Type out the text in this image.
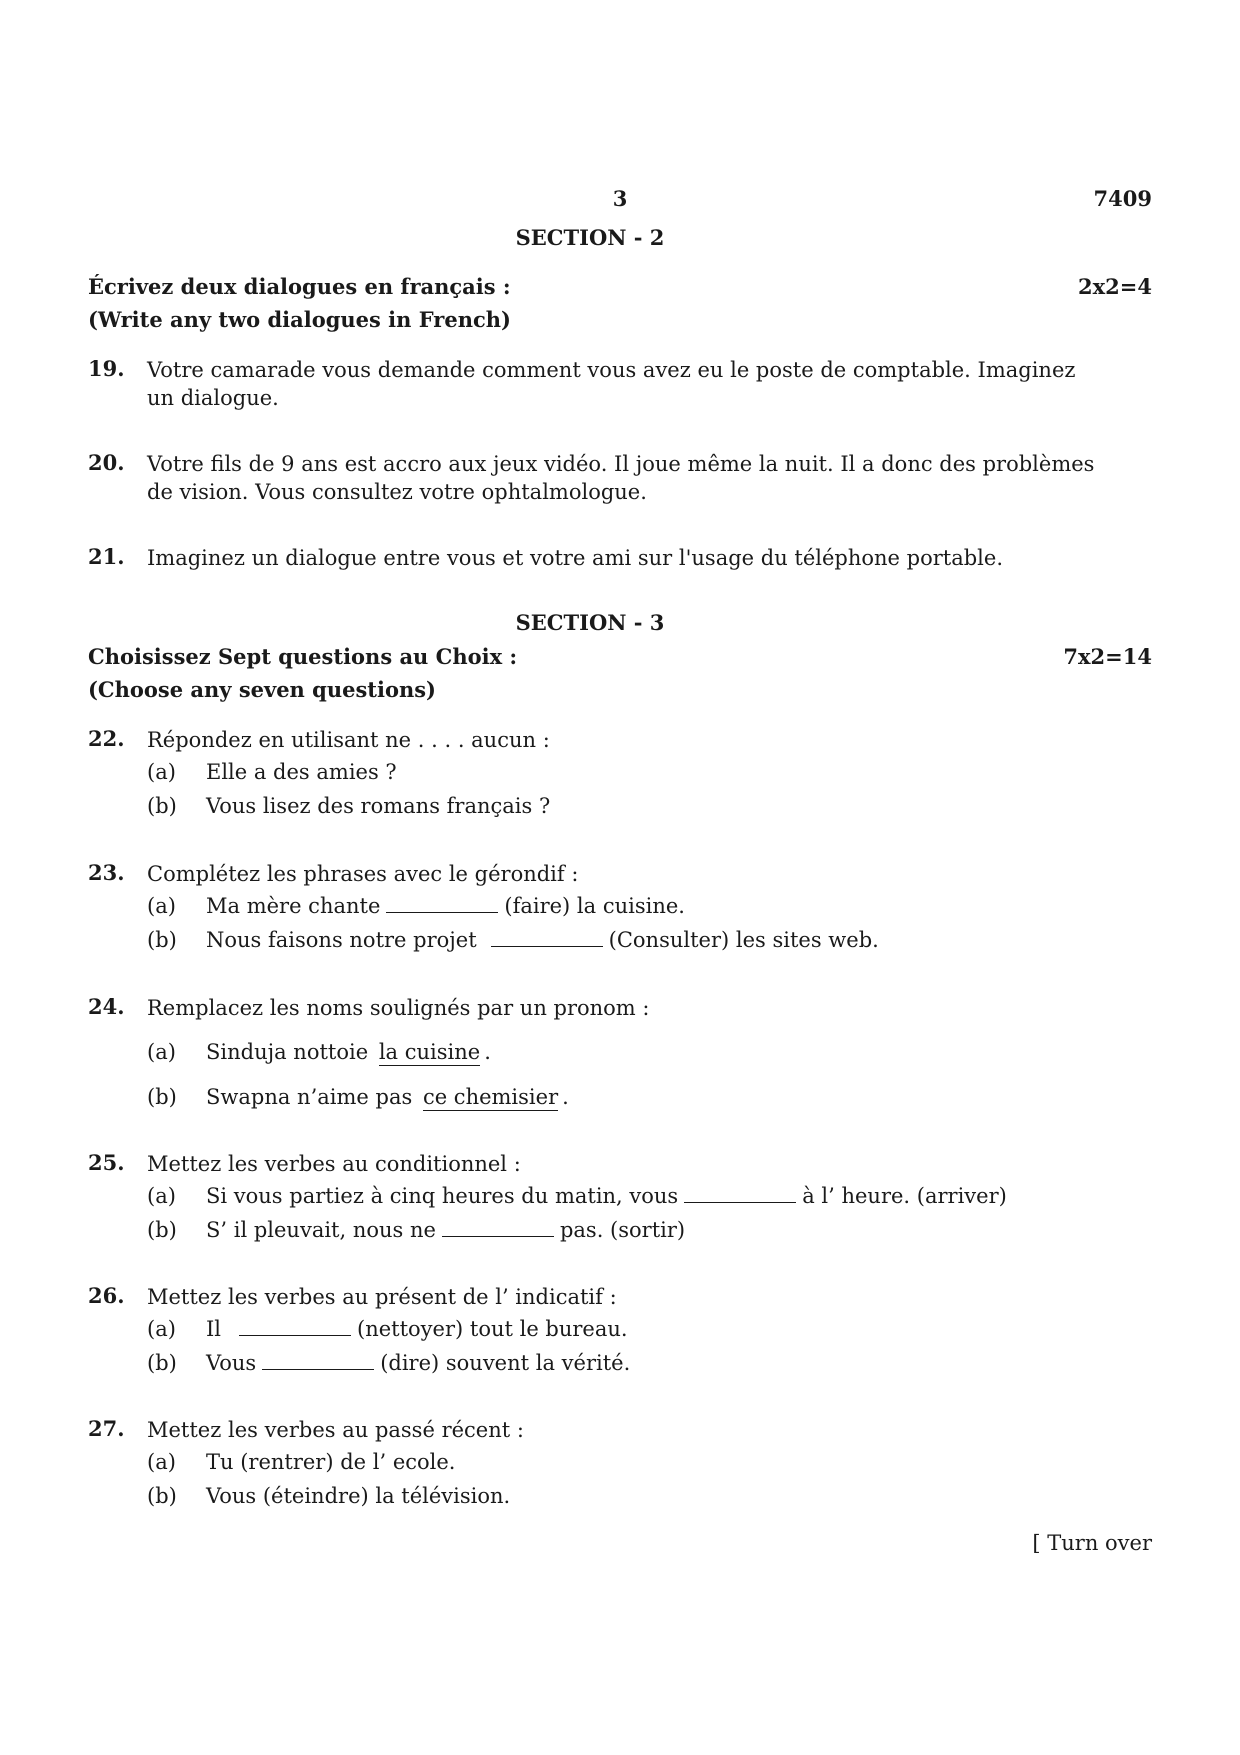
3	7409
SECTION - 2
Écrivez deux dialogues en français :	2x2=4
(Write any two dialogues in French)
19. Votre camarade vous demande comment vous avez eu le poste de comptable. Imaginez un dialogue.
20. Votre fils de 9 ans est accro aux jeux vidéo. Il joue même la nuit. Il a donc des problèmes de vision. Vous consultez votre ophtalmologue.
21. Imaginez un dialogue entre vous et votre ami sur l'usage du téléphone portable.
SECTION - 3
Choisissez Sept questions au Choix :	7x2=14
(Choose any seven questions)
22. Répondez en utilisant ne . . . . aucun :
(a) Elle a des amies ?
(b) Vous lisez des romans français ?
23. Complétez les phrases avec le gérondif :
(a) Ma mère chante	(faire) la cuisine.
(b) Nous faisons notre projet	(Consulter) les sites web.
24. Remplacez les noms soulignés par un pronom :
(a) Sinduja nottoie la cuisine .
(b) Swapna n’aime pas ce chemisier .
25. Mettez les verbes au conditionnel :
(a) Si vous partiez à cinq heures du matin, vous	à l’ heure. (arriver)
(b) S’ il pleuvait, nous ne	pas. (sortir)
26. Mettez les verbes au présent de l’ indicatif :
(a) Il	(nettoyer) tout le bureau.
(b) Vous	(dire) souvent la vérité.
27. Mettez les verbes au passé récent :
(a) Tu (rentrer) de l’ ecole.
(b) Vous (éteindre) la télévision.
[ Turn over
